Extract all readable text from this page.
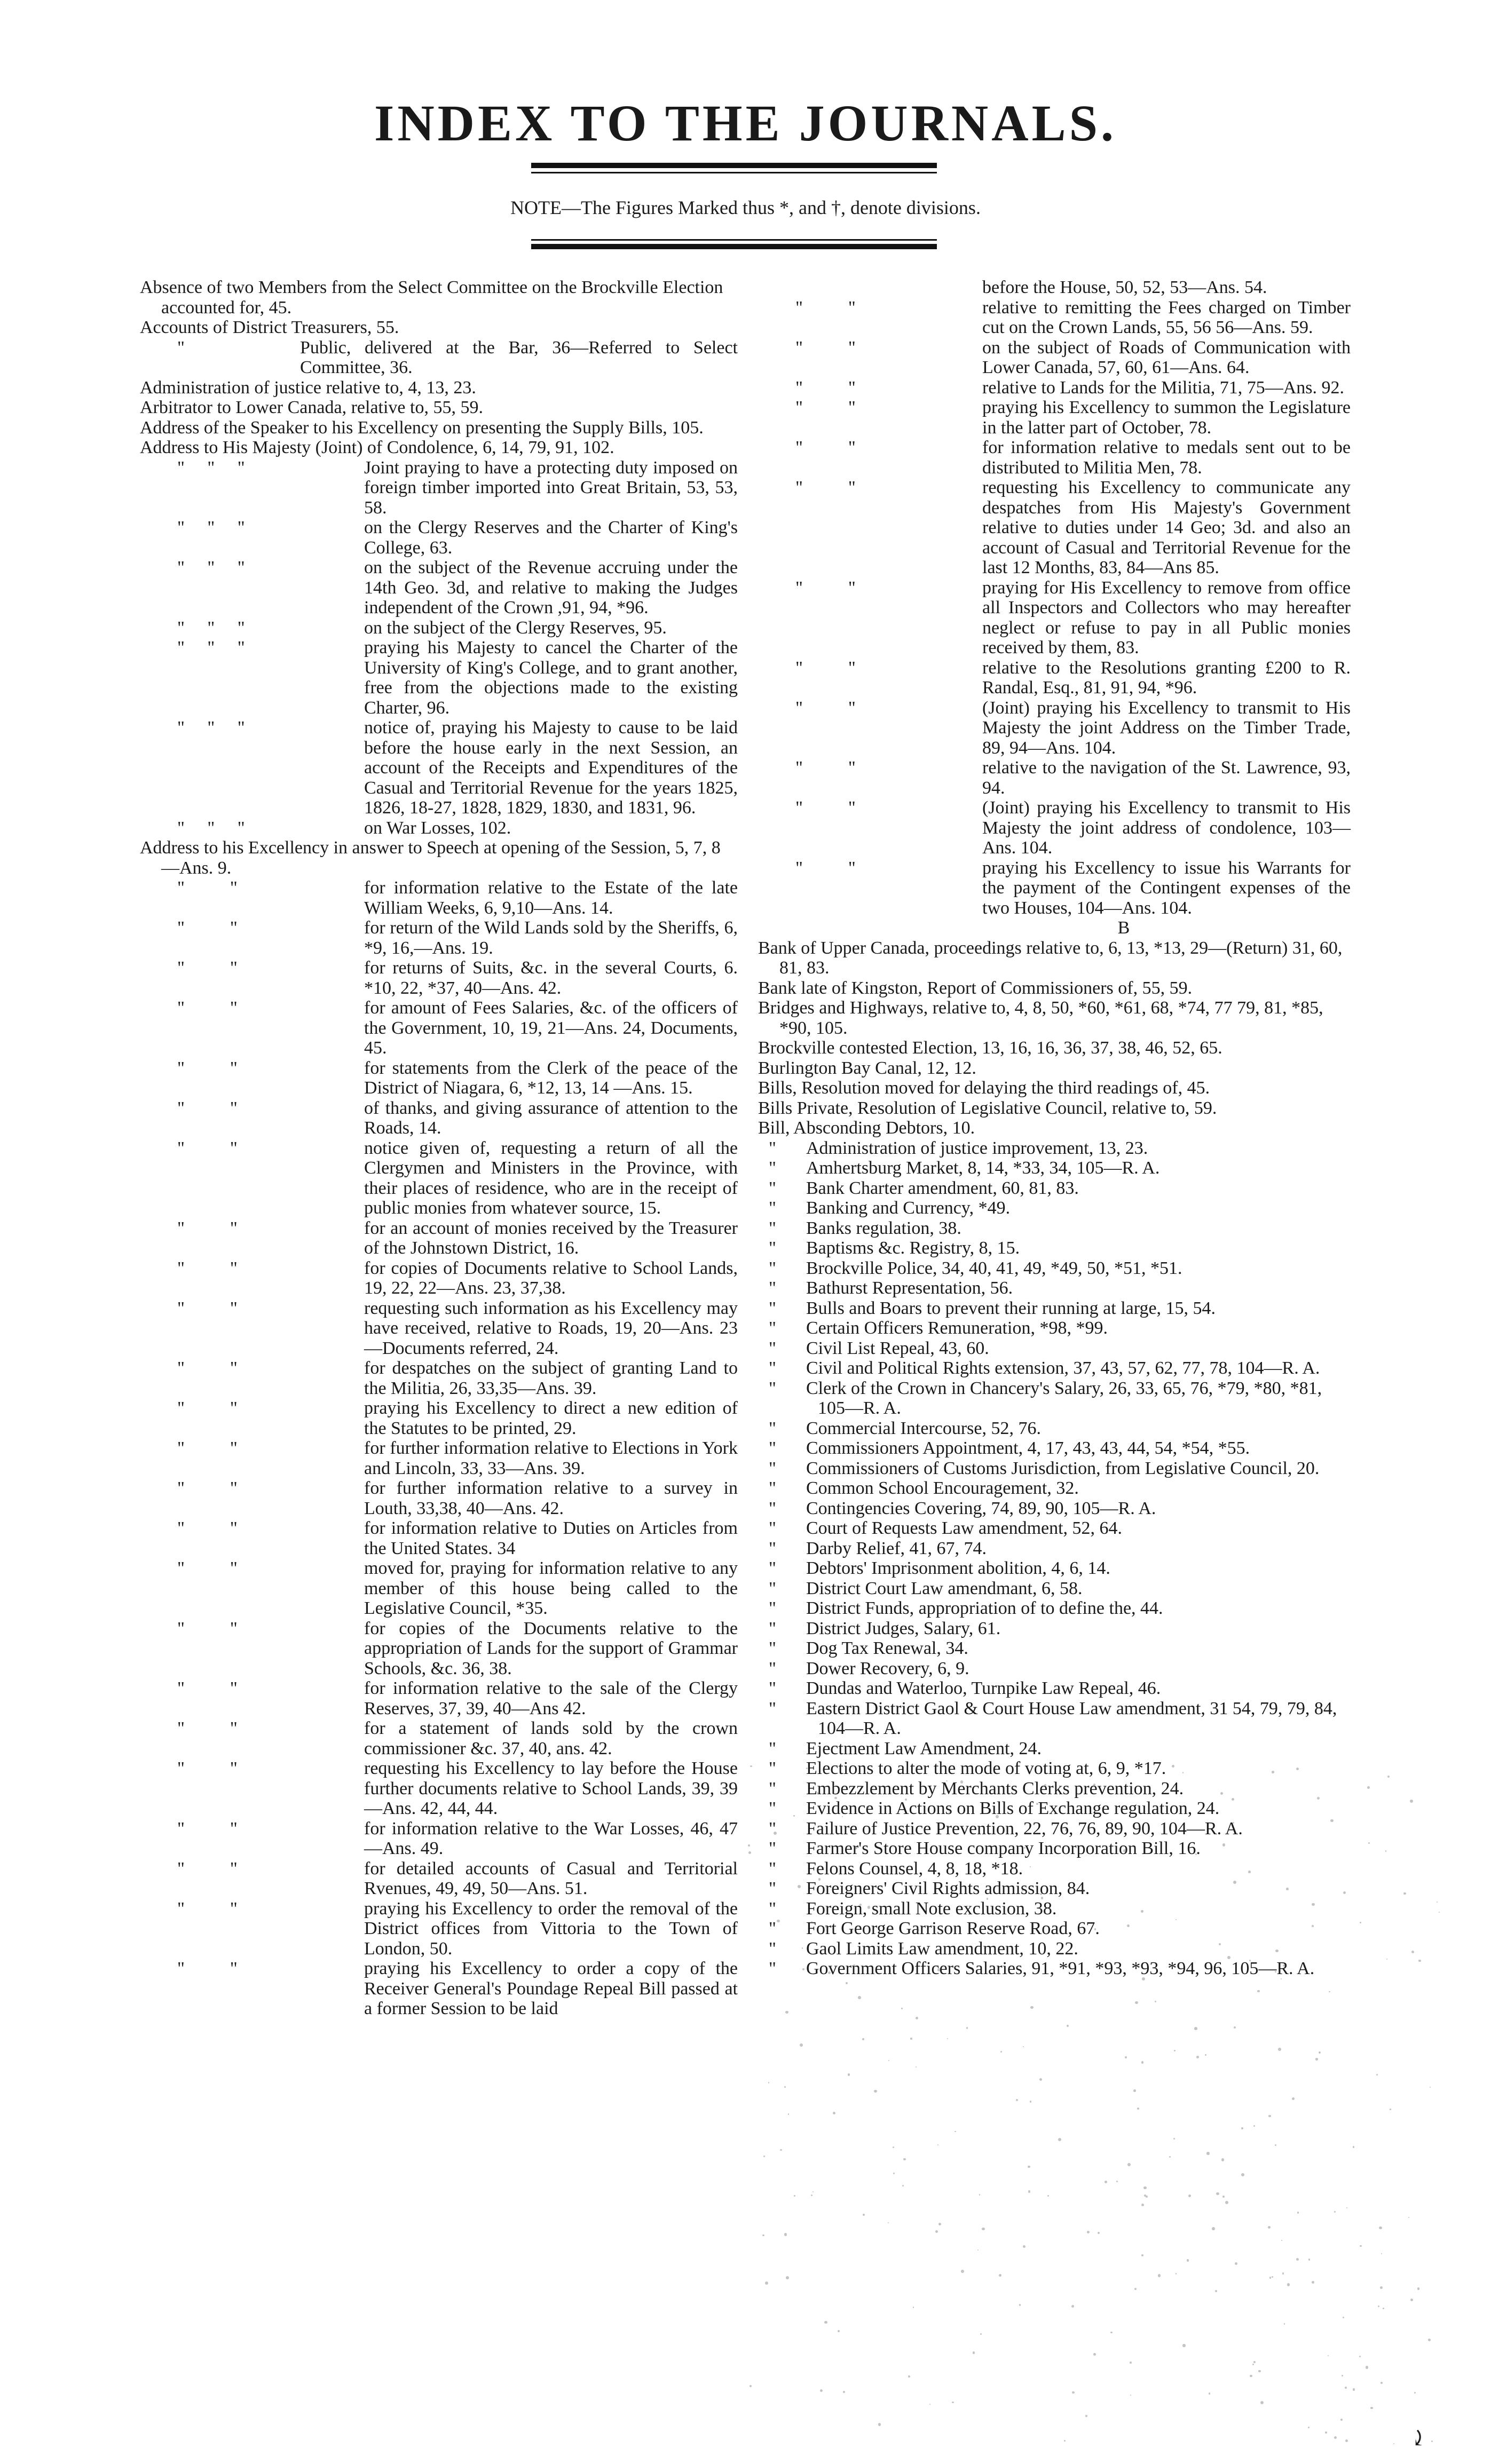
INDEX TO THE JOURNALS.
NOTE—The Figures Marked thus *, and †, denote divisions.
Absence of two Members from the Select Committee on the Brockville Election accounted for, 45.
Accounts of District Treasurers, 55.
"	Public, delivered at the Bar, 36—Referred to Select Committee, 36.
Administration of justice relative to, 4, 13, 23.
Arbitrator to Lower Canada, relative to, 55, 59.
Address of the Speaker to his Excellency on presenting the Supply Bills, 105.
Address to His Majesty (Joint) of Condolence, 6, 14, 79, 91, 102.
"     "     "	Joint praying to have a protecting duty imposed on foreign timber imported into Great Britain, 53, 53, 58.
"     "     "	on the Clergy Reserves and the Charter of King's College, 63.
"     "     "	on the subject of the Revenue accruing under the 14th Geo. 3d, and relative to making the Judges independent of the Crown ,91, 94, *96.
"     "     "	on the subject of the Clergy Reserves, 95.
"     "     "	praying his Majesty to cancel the Charter of the University of King's College, and to grant another, free from the objections made to the existing Charter, 96.
"     "     "	notice of, praying his Majesty to cause to be laid before the house early in the next Session, an account of the Receipts and Expenditures of the Casual and Territorial Revenue for the years 1825, 1826, 18-27, 1828, 1829, 1830, and 1831, 96.
"     "     "	on War Losses, 102.
Address to his Excellency in answer to Speech at opening of the Session, 5, 7, 8—Ans. 9.
"          "	for information relative to the Estate of the late William Weeks, 6, 9,10—Ans. 14.
"          "	for return of the Wild Lands sold by the Sheriffs, 6, *9, 16,—Ans. 19.
"          "	for returns of Suits, &c. in the several Courts, 6. *10, 22, *37, 40—Ans. 42.
"          "	for amount of Fees Salaries, &c. of the officers of the Government, 10, 19, 21—Ans. 24, Documents, 45.
"          "	for statements from the Clerk of the peace of the District of Niagara, 6, *12, 13, 14 —Ans. 15.
"          "	of thanks, and giving assurance of attention to the Roads, 14.
"          "	notice given of, requesting a return of all the Clergymen and Ministers in the Province, with their places of residence, who are in the receipt of public monies from whatever source, 15.
"          "	for an account of monies received by the Treasurer of the Johnstown District, 16.
"          "	for copies of Documents relative to School Lands, 19, 22, 22—Ans. 23, 37,38.
"          "	requesting such information as his Excellency may have received, relative to Roads, 19, 20—Ans. 23—Documents referred, 24.
"          "	for despatches on the subject of granting Land to the Militia, 26, 33,35—Ans. 39.
"          "	praying his Excellency to direct a new edition of the Statutes to be printed, 29.
"          "	for further information relative to Elections in York and Lincoln, 33, 33—Ans. 39.
"          "	for further information relative to a survey in Louth, 33,38, 40—Ans. 42.
"          "	for information relative to Duties on Articles from the United States. 34
"          "	moved for, praying for information relative to any member of this house being called to the Legislative Council, *35.
"          "	for copies of the Documents relative to the appropriation of Lands for the support of Grammar Schools, &c. 36, 38.
"          "	for information relative to the sale of the Clergy Reserves, 37, 39, 40—Ans 42.
"          "	for a statement of lands sold by the crown commissioner &c. 37, 40, ans. 42.
"          "	requesting his Excellency to lay before the House further documents relative to School Lands, 39, 39—Ans. 42, 44, 44.
"          "	for information relative to the War Losses, 46, 47—Ans. 49.
"          "	for detailed accounts of Casual and Territorial Rvenues, 49, 49, 50—Ans. 51.
"          "	praying his Excellency to order the removal of the District offices from Vittoria to the Town of London, 50.
"          "	praying his Excellency to order a copy of the Receiver General's Poundage Repeal Bill passed at a former Session to be laid
before the House, 50, 52, 53—Ans. 54.
"          "	relative to remitting the Fees charged on Timber cut on the Crown Lands, 55, 56 56—Ans. 59.
"          "	on the subject of Roads of Communication with Lower Canada, 57, 60, 61—Ans. 64.
"          "	relative to Lands for the Militia, 71, 75—Ans. 92.
"          "	praying his Excellency to summon the Legislature in the latter part of October, 78.
"          "	for information relative to medals sent out to be distributed to Militia Men, 78.
"          "	requesting his Excellency to communicate any despatches from His Majesty's Government relative to duties under 14 Geo; 3d. and also an account of Casual and Territorial Revenue for the last 12 Months, 83, 84—Ans 85.
"          "	praying for His Excellency to remove from office all Inspectors and Collectors who may hereafter neglect or refuse to pay in all Public monies received by them, 83.
"          "	relative to the Resolutions granting £200 to R. Randal, Esq., 81, 91, 94, *96.
"          "	(Joint) praying his Excellency to transmit to His Majesty the joint Address on the Timber Trade, 89, 94—Ans. 104.
"          "	relative to the navigation of the St. Lawrence, 93, 94.
"          "	(Joint) praying his Excellency to transmit to His Majesty the joint address of condolence, 103—Ans. 104.
"          "	praying his Excellency to issue his Warrants for the payment of the Contingent expenses of the two Houses, 104—Ans. 104.
B
Bank of Upper Canada, proceedings relative to, 6, 13, *13, 29—(Return) 31, 60, 81, 83.
Bank late of Kingston, Report of Commissioners of, 55, 59.
Bridges and Highways, relative to, 4, 8, 50, *60, *61, 68, *74, 77 79, 81, *85, *90, 105.
Brockville contested Election, 13, 16, 16, 36, 37, 38, 46, 52, 65.
Burlington Bay Canal, 12, 12.
Bills, Resolution moved for delaying the third readings of, 45.
Bills Private, Resolution of Legislative Council, relative to, 59.
Bill, Absconding Debtors, 10.
"	Administration of justice improvement, 13, 23.
"	Amhertsburg Market, 8, 14, *33, 34, 105—R. A.
"	Bank Charter amendment, 60, 81, 83.
"	Banking and Currency, *49.
"	Banks regulation, 38.
"	Baptisms &c. Registry, 8, 15.
"	Brockville Police, 34, 40, 41, 49, *49, 50, *51, *51.
"	Bathurst Representation, 56.
"	Bulls and Boars to prevent their running at large, 15, 54.
"	Certain Officers Remuneration, *98, *99.
"	Civil List Repeal, 43, 60.
"	Civil and Political Rights extension, 37, 43, 57, 62, 77, 78, 104—R. A.
"	Clerk of the Crown in Chancery's Salary, 26, 33, 65, 76, *79, *80, *81, 105—R. A.
"	Commercial Intercourse, 52, 76.
"	Commissioners Appointment, 4, 17, 43, 43, 44, 54, *54, *55.
"	Commissioners of Customs Jurisdiction, from Legislative Council, 20.
"	Common School Encouragement, 32.
"	Contingencies Covering, 74, 89, 90, 105—R. A.
"	Court of Requests Law amendment, 52, 64.
"	Darby Relief, 41, 67, 74.
"	Debtors' Imprisonment abolition, 4, 6, 14.
"	District Court Law amendmant, 6, 58.
"	District Funds, appropriation of to define the, 44.
"	District Judges, Salary, 61.
"	Dog Tax Renewal, 34.
"	Dower Recovery, 6, 9.
"	Dundas and Waterloo, Turnpike Law Repeal, 46.
"	Eastern District Gaol & Court House Law amendment, 31 54, 79, 79, 84, 104—R. A.
"	Ejectment Law Amendment, 24.
"	Elections to alter the mode of voting at, 6, 9, *17.
"	Embezzlement by Merchants Clerks prevention, 24.
"	Evidence in Actions on Bills of Exchange regulation, 24.
"	Failure of Justice Prevention, 22, 76, 76, 89, 90, 104—R. A.
"	Farmer's Store House company Incorporation Bill, 16.
"	Felons Counsel, 4, 8, 18, *18.
"	Foreigners' Civil Rights admission, 84.
"	Foreign, small Note exclusion, 38.
"	Fort George Garrison Reserve Road, 67.
"	Gaol Limits Law amendment, 10, 22.
"	Government Officers Salaries, 91, *91, *93, *93, *94, 96, 105—R. A.
⤸
